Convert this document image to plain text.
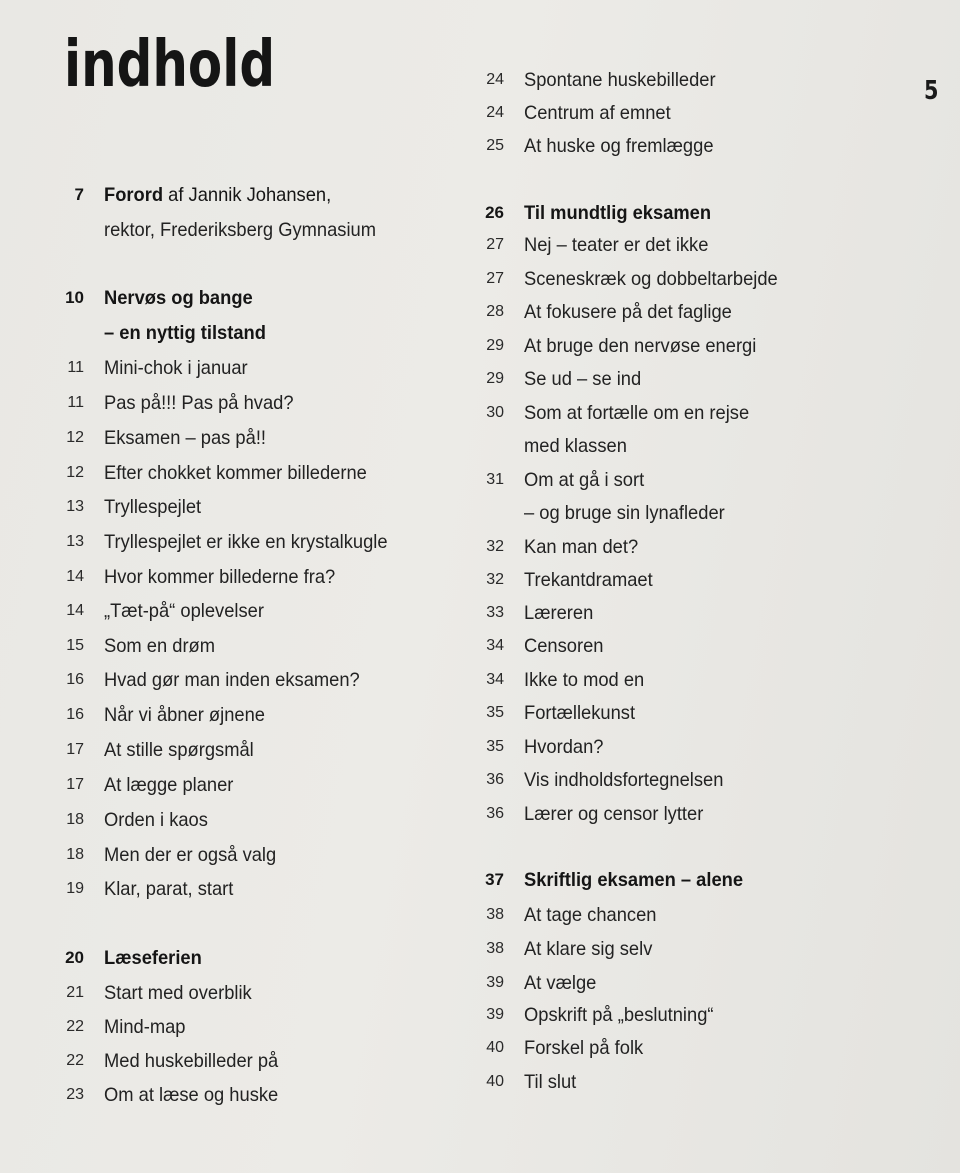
indhold	5
7 Forord af Jannik Johansen,
rektor, Frederiksberg Gymnasium
10 Nervøs og bange
– en nyttig tilstand
11 Mini-chok i januar
11 Pas på!!! Pas på hvad?
12 Eksamen – pas på!!
12 Efter chokket kommer billederne
13 Tryllespejlet
13 Tryllespejlet er ikke en krystalkugle
14 Hvor kommer billederne fra?
14 „Tæt-på“ oplevelser
15 Som en drøm
16 Hvad gør man inden eksamen?
16 Når vi åbner øjnene
17 At stille spørgsmål
17 At lægge planer
18 Orden i kaos
18 Men der er også valg
19 Klar, parat, start
20 Læseferien
21 Start med overblik
22 Mind-map
22 Med huskebilleder på
23 Om at læse og huske
24 Spontane huskebilleder
24 Centrum af emnet
25 At huske og fremlægge
26 Til mundtlig eksamen
27 Nej – teater er det ikke
27 Sceneskræk og dobbeltarbejde
28 At fokusere på det faglige
29 At bruge den nervøse energi
29 Se ud – se ind
30 Som at fortælle om en rejse
med klassen
31 Om at gå i sort
– og bruge sin lynafleder
32 Kan man det?
32 Trekantdramaet
33 Læreren
34 Censoren
34 Ikke to mod en
35 Fortællekunst
35 Hvordan?
36 Vis indholdsfortegnelsen
36 Lærer og censor lytter
37 Skriftlig eksamen – alene
38 At tage chancen
38 At klare sig selv
39 At vælge
39 Opskrift på „beslutning“
40 Forskel på folk
40 Til slut
